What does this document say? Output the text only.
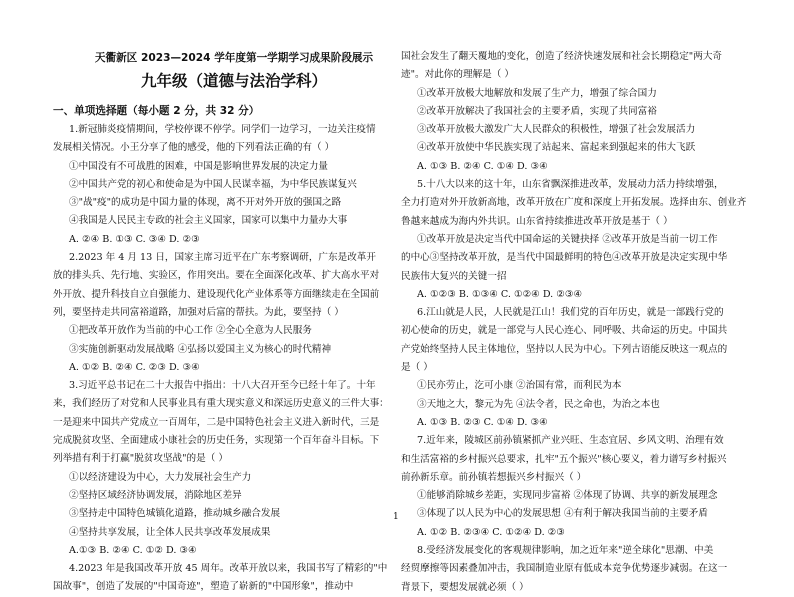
天衢新区 2023—2024 学年度第一学期学习成果阶段展示
九年级（道德与法治学科）
一、单项选择题（每小题 2 分，共 32 分）
1.新冠肺炎疫情期间，学校停课不停学。同学们一边学习，一边关注疫情
发展相关情况。小王分享了他的感受，他的下列看法正确的有（ ）
①中国没有不可战胜的困难，中国是影响世界发展的决定力量
②中国共产党的初心和使命是为中国人民谋幸福，为中华民族谋复兴
③"战"疫"的成功是中国力量的体现，离不开对外开放的强国之路
④我国是人民民主专政的社会主义国家，国家可以集中力量办大事
A. ②④ B. ①③ C. ③④ D. ②③
2.2023 年 4 月 13 日，国家主席习近平在广东考察调研，广东是改革开
放的排头兵、先行地、实验区，作用突出。要在全面深化改革、扩大高水平对
外开放、提升科技自立自强能力、建设现代化产业体系等方面继续走在全国前
列，要坚持走共同富裕道路，加强对后富的帮扶。为此，要坚持（ ）
①把改革开放作为当前的中心工作 ②全心全意为人民服务
③实施创新驱动发展战略 ④弘扬以爱国主义为核心的时代精神
A. ①② B. ②④ C. ②③ D. ③④
3.习近平总书记在二十大报告中指出：十八大召开至今已经十年了。十年
来，我们经历了对党和人民事业具有重大现实意义和深远历史意义的三件大事：
一是迎来中国共产党成立一百周年，二是中国特色社会主义进入新时代，三是
完成脱贫攻坚、全面建成小康社会的历史任务，实现第一个百年奋斗目标。下
列举措有利于打赢"脱贫攻坚战"的是（ ）
①以经济建设为中心，大力发展社会生产力
②坚持区域经济协调发展，消除地区差异
③坚持走中国特色城镇化道路，推动城乡融合发展
④坚持共享发展，让全体人民共享改革发展成果
A.①③ B. ②④ C. ①② D. ③④
4.2023 年是我国改革开放 45 周年。改革开放以来，我国书写了精彩的"中
国故事"，创造了发展的"中国奇迹"，塑造了崭新的"中国形象"，推动中
国社会发生了翻天覆地的变化，创造了经济快速发展和社会长期稳定"两大奇
迹"。对此你的理解是（ ）
①改革开放极大地解放和发展了生产力，增强了综合国力
②改革开放解决了我国社会的主要矛盾，实现了共同富裕
③改革开放极大激发广大人民群众的积极性，增强了社会发展活力
④改革开放使中华民族实现了站起来、富起来到强起来的伟大飞跃
A. ①③ B. ②④ C. ①④ D. ③④
5.十八大以来的这十年，山东省飘深推进改革，发展动力活力持续增强，
全力打造对外开放新高地，改革开放在广度和深度上开拓发展。选择由东、创业齐
鲁越来越成为海内外共识。山东省持续推进改革开放是基于（ ）
①改革开放是决定当代中国命运的关键抉择 ②改革开放是当前一切工作
的中心③坚持改革开放，是当代中国最鲜明的特色④改革开放是决定实现中华
民族伟大复兴的关键一招
A. ①②③ B. ①③④ C. ①②④ D. ②③④
6.江山就是人民，人民就是江山！我们党的百年历史，就是一部践行党的
初心使命的历史，就是一部党与人民心连心、同呼吸、共命运的历史。中国共
产党始终坚持人民主体地位，坚持以人民为中心。下列古语能反映这一观点的
是（ ）
①民亦劳止，汔可小康 ②治国有常，而利民为本
③天地之大，黎元为先 ④法令者，民之命也，为治之本也
A. ①③ B. ②③ C. ①④ D. ③④
7.近年来，陵城区前孙镇紧抓产业兴旺、生态宜居、乡风文明、治理有效
和生活富裕的乡村振兴总要求，扎牢"五个振兴"核心要义，着力谱写乡村振兴
前孙新乐章。前孙镇若想振兴乡村振兴（ ）
①能够消除城乡差距，实现同步富裕 ②体现了协调、共享的新发展理念
③体现了以人民为中心的发展思想 ④有利于解决我国当前的主要矛盾
A. ①② B. ②③④ C. ①②④ D. ②③
8.受经济发展变化的客观规律影响，加之近年来"逆全球化"思潮、中美
经贸摩擦等因素叠加冲击，我国制造业原有低成本竞争优势逐步减弱。在这一
背景下，要想发展就必须（ ）
1
